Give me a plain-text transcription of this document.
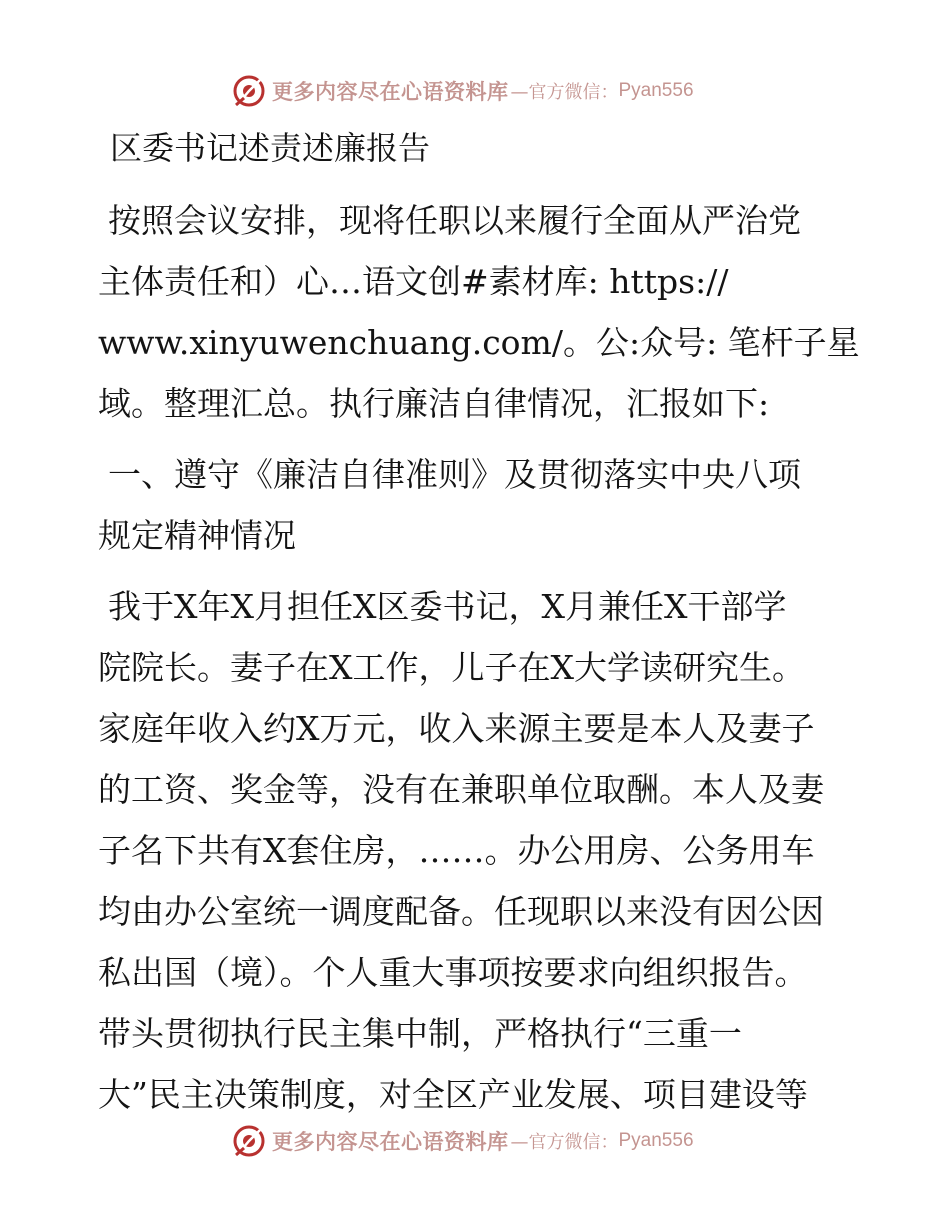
更多内容尽在心语资料库 —官方微信： Pyan556
区委书记述责述廉报告
按照会议安排，现将任职以来履行全面从严治党
主体责任和）心…语文创#素材库: https://
www.xinyuwenchuang.com/。公:众号: 笔杆子星
域。整理汇总。执行廉洁自律情况，汇报如下:
一、遵守《廉洁自律准则》及贯彻落实中央八项
规定精神情况
我于X年X月担任X区委书记，X月兼任X干部学
院院长。妻子在X工作，儿子在X大学读研究生。
家庭年收入约X万元，收入来源主要是本人及妻子
的工资、奖金等，没有在兼职单位取酬。本人及妻
子名下共有X套住房，……。办公用房、公务用车
均由办公室统一调度配备。任现职以来没有因公因
私出国（境）。个人重大事项按要求向组织报告。
带头贯彻执行民主集中制，严格执行“三重一
大”民主决策制度，对全区产业发展、项目建设等
更多内容尽在心语资料库 —官方微信： Pyan556
